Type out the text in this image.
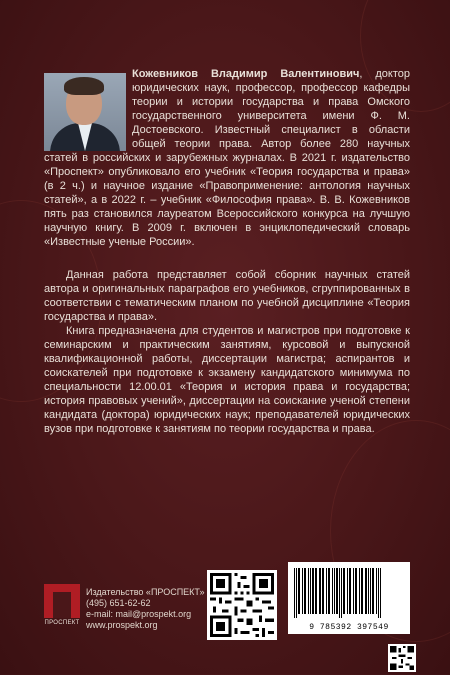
Кожевников Владимир Валентинович, доктор юридических наук, профессор, профессор кафедры теории и истории государства и права Омского государственного университета имени Ф. М. Достоевского. Известный специалист в области общей теории права. Автор более 280 научных статей в российских и зарубежных журналах. В 2021 г. издательство «Проспект» опубликовало его учебник «Теория государства и права» (в 2 ч.) и научное издание «Правоприменение: антология научных статей», а в 2022 г. – учебник «Философия права». В. В. Кожевников пять раз становился лауреатом Всероссийского конкурса на лучшую научную книгу. В 2009 г. включен в энциклопедический словарь «Известные ученые России».

Данная работа представляет собой сборник научных статей автора и оригинальных параграфов его учебников, сгруппированных в соответствии с тематическим планом по учебной дисциплине «Теория государства и права».

Книга предназначена для студентов и магистров при подготовке к семинарским и практическим занятиям, курсовой и выпускной квалификационной работы, диссертации магистра; аспирантов и соискателей при подготовке к экзамену кандидатского минимума по специальности 12.00.01 «Теория и история права и государства; история правовых учений», диссертации на соискание ученой степени кандидата (доктора) юридических наук; преподавателей юридических вузов при подготовке к занятиям по теории государства и права.

ПРОСПЕКТ
Издательство «ПРОСПЕКТ»
(495) 651-62-62
e-mail: mail@prospekt.org
www.prospekt.org	9 785392 397549
